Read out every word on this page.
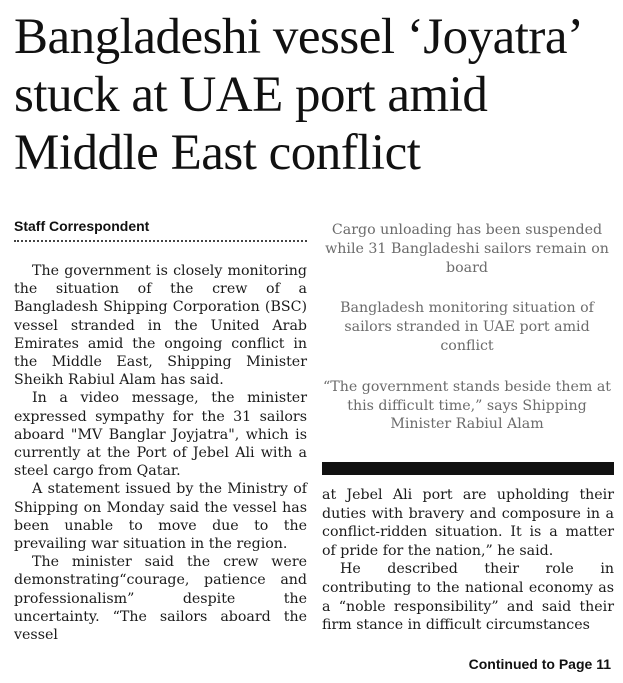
Bangladeshi vessel ‘Joyatra’ stuck at UAE port amid Middle East conflict
Staff Correspondent

The government is closely monitoring the situation of the crew of a Bangladesh Shipping Corporation (BSC) vessel stranded in the United Arab Emirates amid the ongoing conflict in the Middle East, Shipping Minister Sheikh Rabiul Alam has said.

In a video message, the minister expressed sympathy for the 31 sailors aboard "MV Banglar Joyjatra", which is currently at the Port of Jebel Ali with a steel cargo from Qatar.

A statement issued by the Ministry of Shipping on Monday said the vessel has been unable to move due to the prevailing war situation in the region.

The minister said the crew were demonstrating“courage, patience and professionalism” despite the uncertainty. “The sailors aboard the vessel

Cargo unloading has been suspended while 31 Bangladeshi sailors remain on board

Bangladesh monitoring situation of sailors stranded in UAE port amid conflict

“The government stands beside them at this difficult time,” says Shipping Minister Rabiul Alam

at Jebel Ali port are upholding their duties with bravery and composure in a conflict-ridden situation. It is a matter of pride for the nation,” he said.

He described their role in contributing to the national economy as a “noble responsibility” and said their firm stance in difficult circumstances

Continued to Page 11
